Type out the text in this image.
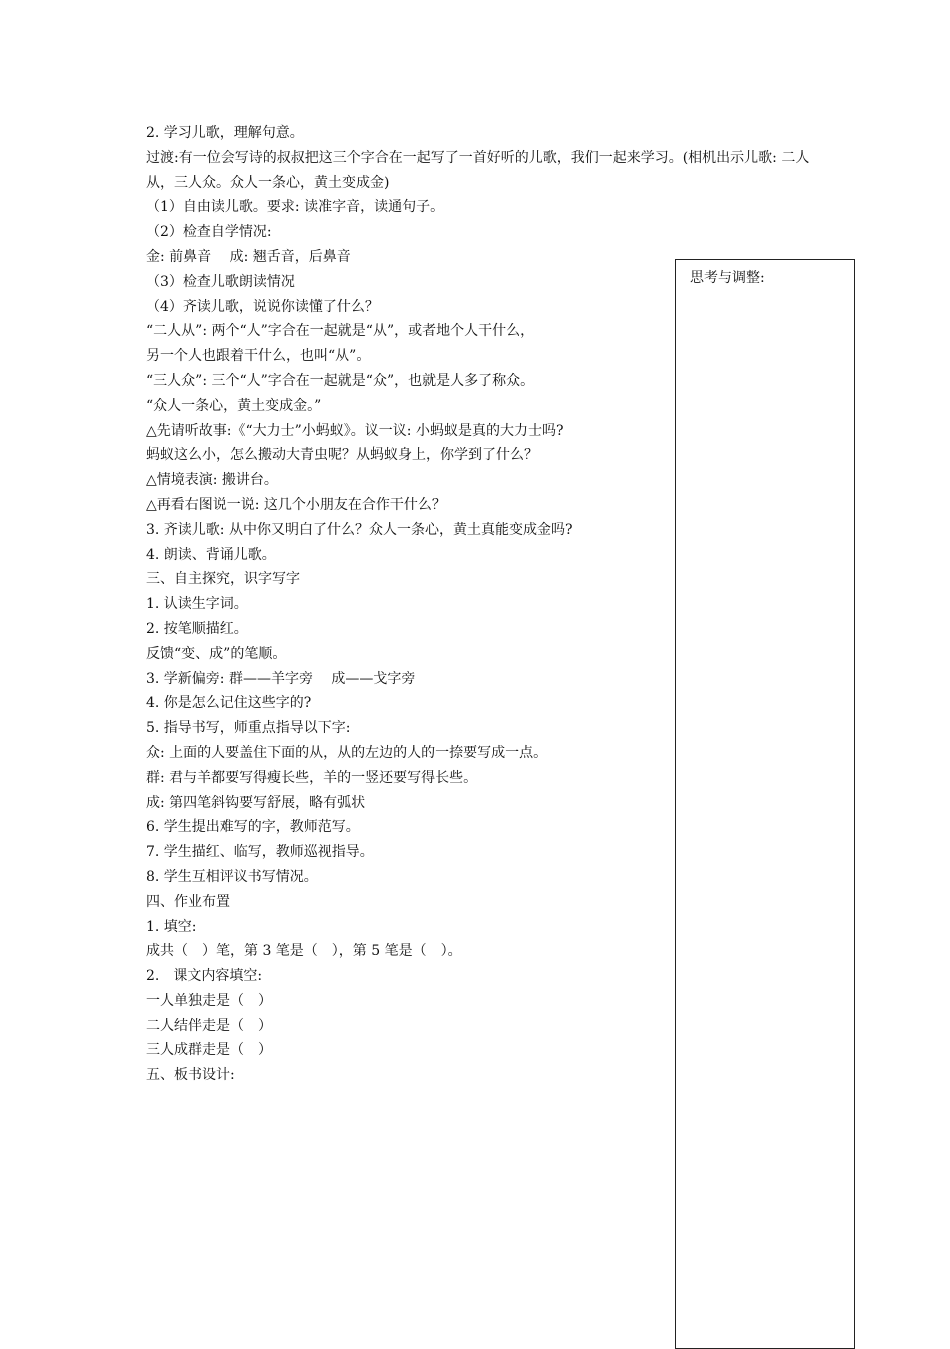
2. 学习儿歌，理解句意。

过渡:有一位会写诗的叔叔把这三个字合在一起写了一首好听的儿歌，我们一起来学习。(相机出示儿歌: 二人从，三人众。众人一条心，黄土变成金)

（1）自由读儿歌。要求: 读准字音，读通句子。

（2）检查自学情况:

金: 前鼻音　 成: 翘舌音，后鼻音

（3）检查儿歌朗读情况

（4）齐读儿歌，说说你读懂了什么？

“二人从”: 两个“人”字合在一起就是“从”，或者地个人干什么，

另一个人也跟着干什么，也叫“从”。

“三人众”: 三个“人”字合在一起就是“众”，也就是人多了称众。

“众人一条心，黄土变成金。”

△先请听故事:《“大力士”小蚂蚁》。议一议: 小蚂蚁是真的大力士吗?

蚂蚁这么小，怎么搬动大青虫呢？从蚂蚁身上，你学到了什么？

△情境表演: 搬讲台。

△再看右图说一说: 这几个小朋友在合作干什么？

3. 齐读儿歌: 从中你又明白了什么？众人一条心，黄土真能变成金吗?

4. 朗读、背诵儿歌。

三、自主探究，识字写字

1. 认读生字词。

2. 按笔顺描红。

反馈“变、成”的笔顺。

3. 学新偏旁: 群——羊字旁　 成——戈字旁

4. 你是怎么记住这些字的?

5. 指导书写，师重点指导以下字:

众: 上面的人要盖住下面的从，从的左边的人的一捺要写成一点。

群: 君与羊都要写得瘦长些，羊的一竖还要写得长些。

成: 第四笔斜钩要写舒展，略有弧状

6. 学生提出难写的字，教师范写。

7. 学生描红、临写，教师巡视指导。

8. 学生互相评议书写情况。

四、作业布置

1. 填空:

成共（　）笔，第 3 笔是（　），第 5 笔是（　）。

2.　课文内容填空:

一人单独走是（　）

二人结伴走是（　）

三人成群走是（　）

五、板书设计:

思考与调整:
